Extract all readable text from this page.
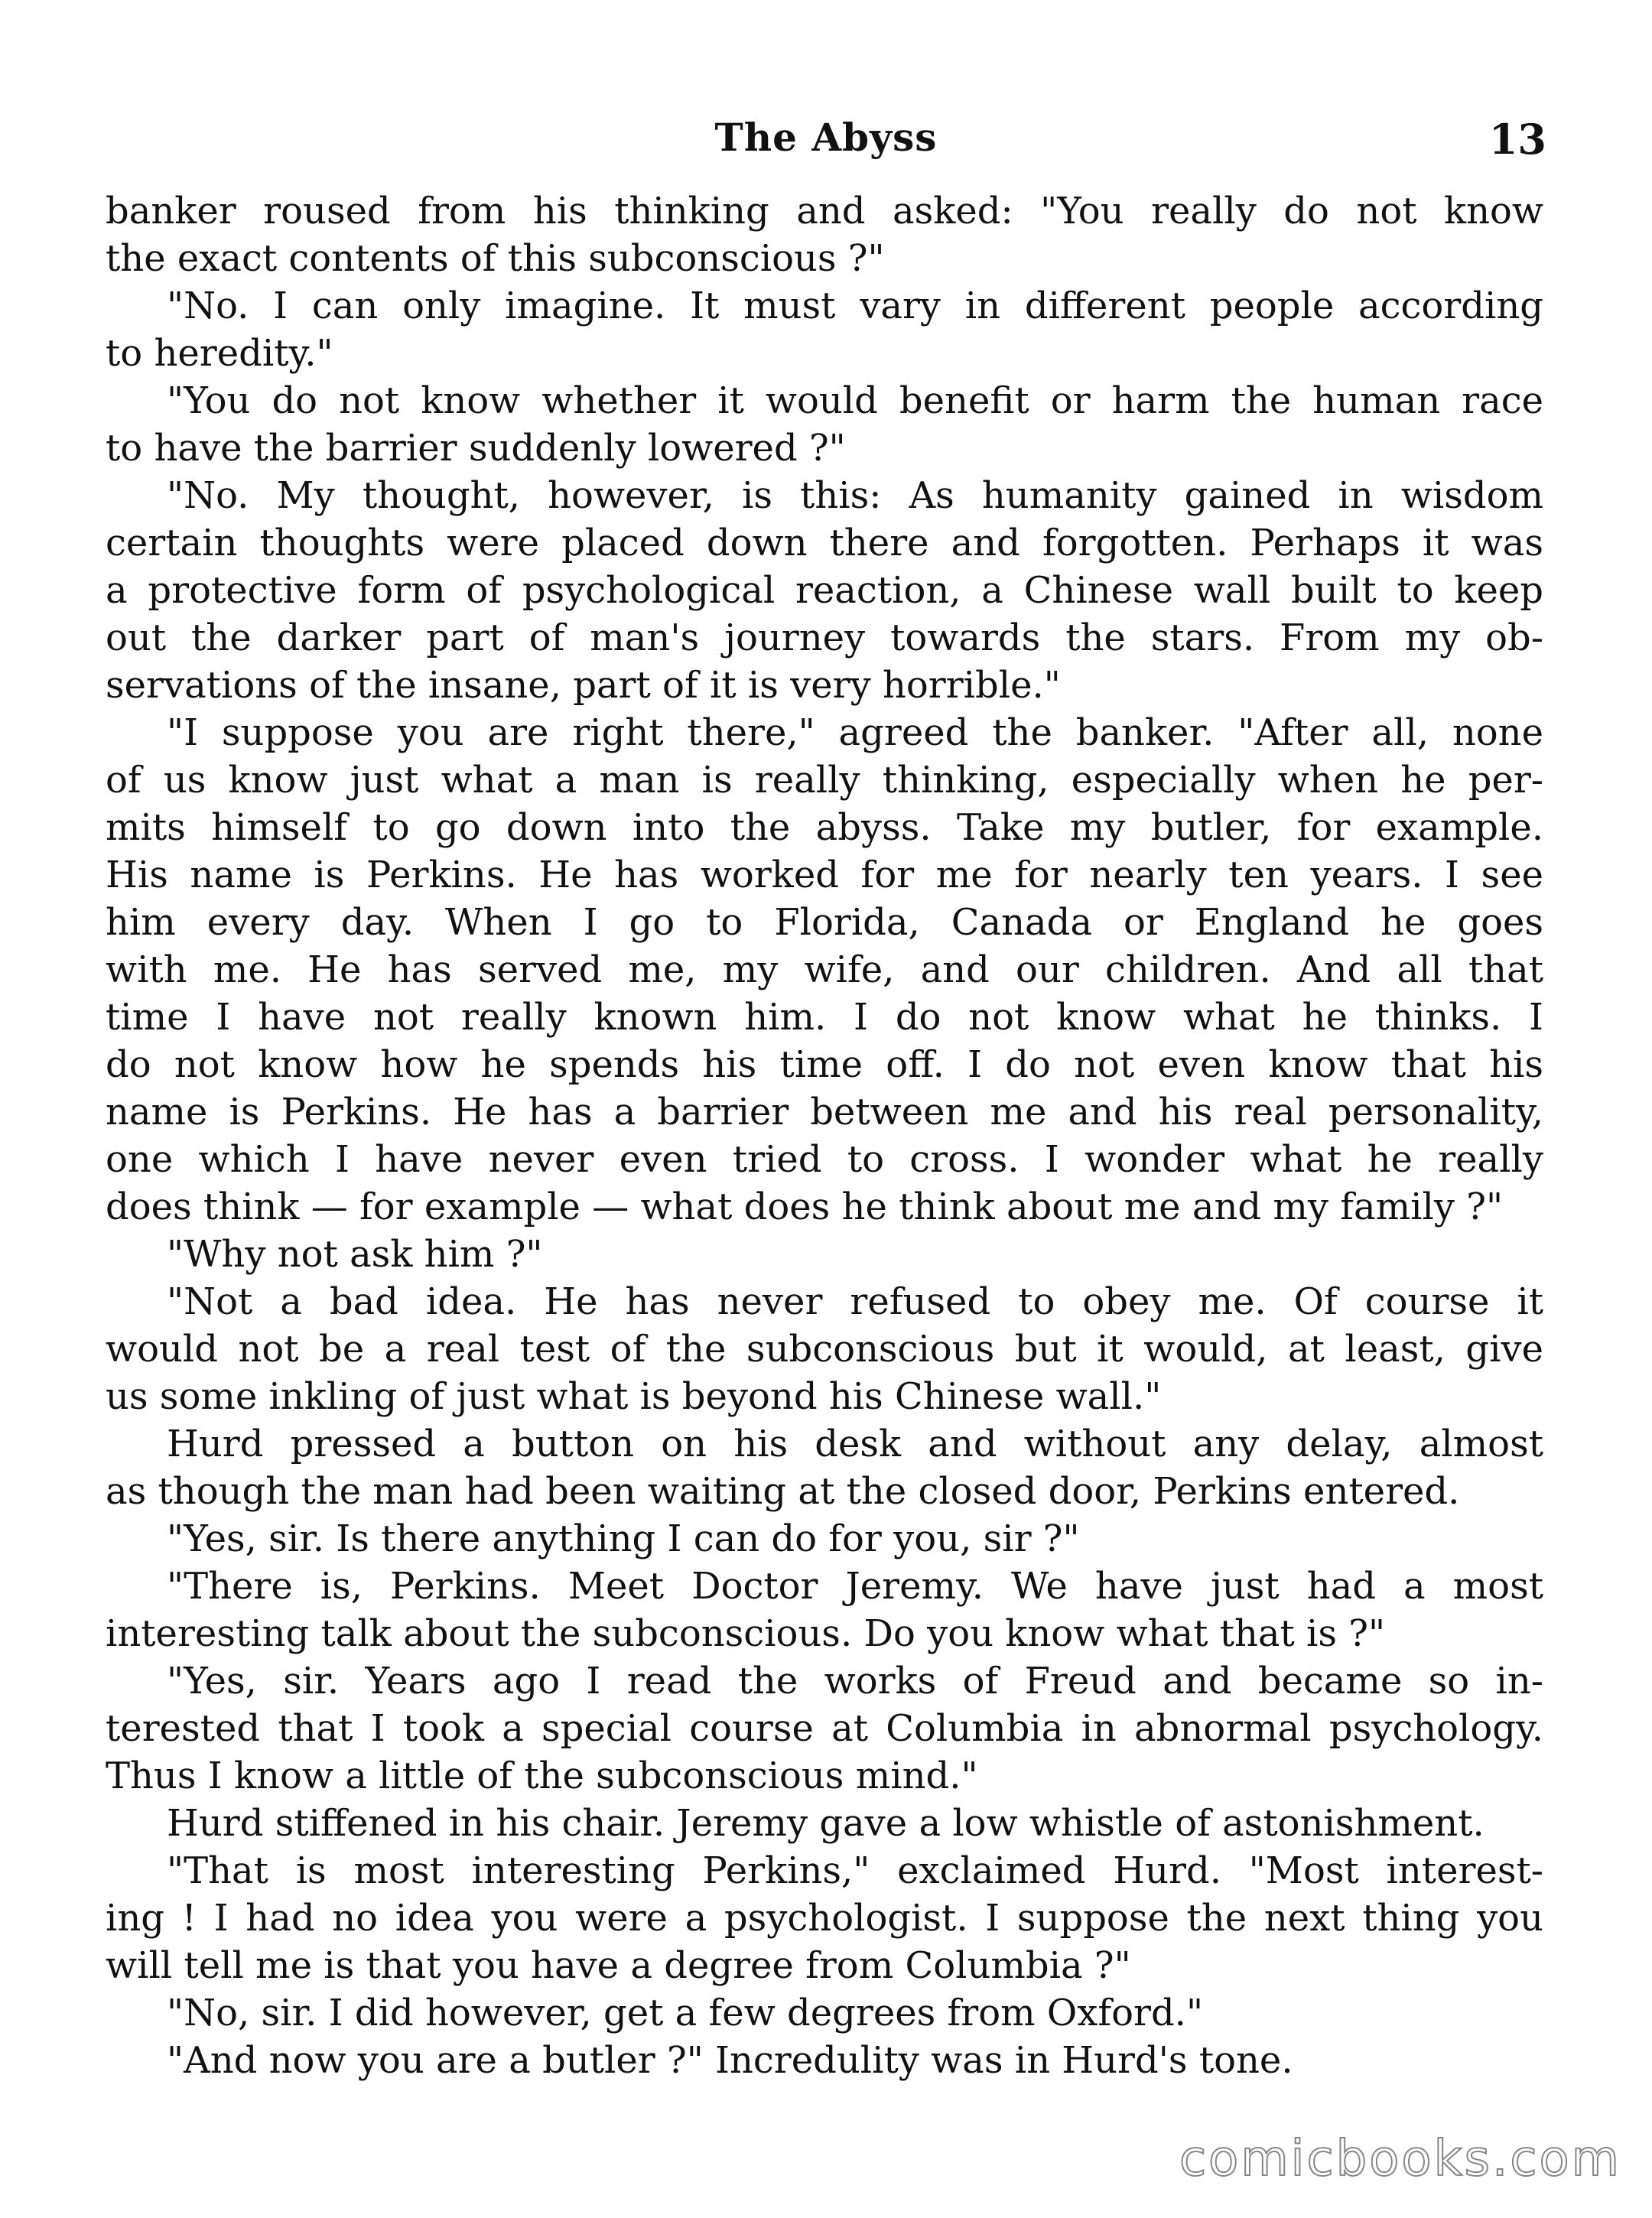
The Abyss	13
banker roused from his thinking and asked: "You really do not know
the exact contents of this subconscious ?"
"No. I can only imagine. It must vary in different people according
to heredity."
"You do not know whether it would benefit or harm the human race
to have the barrier suddenly lowered ?"
"No. My thought, however, is this: As humanity gained in wisdom
certain thoughts were placed down there and forgotten. Perhaps it was
a protective form of psychological reaction, a Chinese wall built to keep
out the darker part of man's journey towards the stars. From my ob-
servations of the insane, part of it is very horrible."
"I suppose you are right there," agreed the banker. "After all, none
of us know just what a man is really thinking, especially when he per-
mits himself to go down into the abyss. Take my butler, for example.
His name is Perkins. He has worked for me for nearly ten years. I see
him every day. When I go to Florida, Canada or England he goes
with me. He has served me, my wife, and our children. And all that
time I have not really known him. I do not know what he thinks. I
do not know how he spends his time off. I do not even know that his
name is Perkins. He has a barrier between me and his real personality,
one which I have never even tried to cross. I wonder what he really
does think — for example — what does he think about me and my family ?"
"Why not ask him ?"
"Not a bad idea. He has never refused to obey me. Of course it
would not be a real test of the subconscious but it would, at least, give
us some inkling of just what is beyond his Chinese wall."
Hurd pressed a button on his desk and without any delay, almost
as though the man had been waiting at the closed door, Perkins entered.
"Yes, sir. Is there anything I can do for you, sir ?"
"There is, Perkins. Meet Doctor Jeremy. We have just had a most
interesting talk about the subconscious. Do you know what that is ?"
"Yes, sir. Years ago I read the works of Freud and became so in-
terested that I took a special course at Columbia in abnormal psychology.
Thus I know a little of the subconscious mind."
Hurd stiffened in his chair. Jeremy gave a low whistle of astonishment.
"That is most interesting Perkins," exclaimed Hurd. "Most interest-
ing ! I had no idea you were a psychologist. I suppose the next thing you
will tell me is that you have a degree from Columbia ?"
"No, sir. I did however, get a few degrees from Oxford."
"And now you are a butler ?" Incredulity was in Hurd's tone.
comicbooks.com
